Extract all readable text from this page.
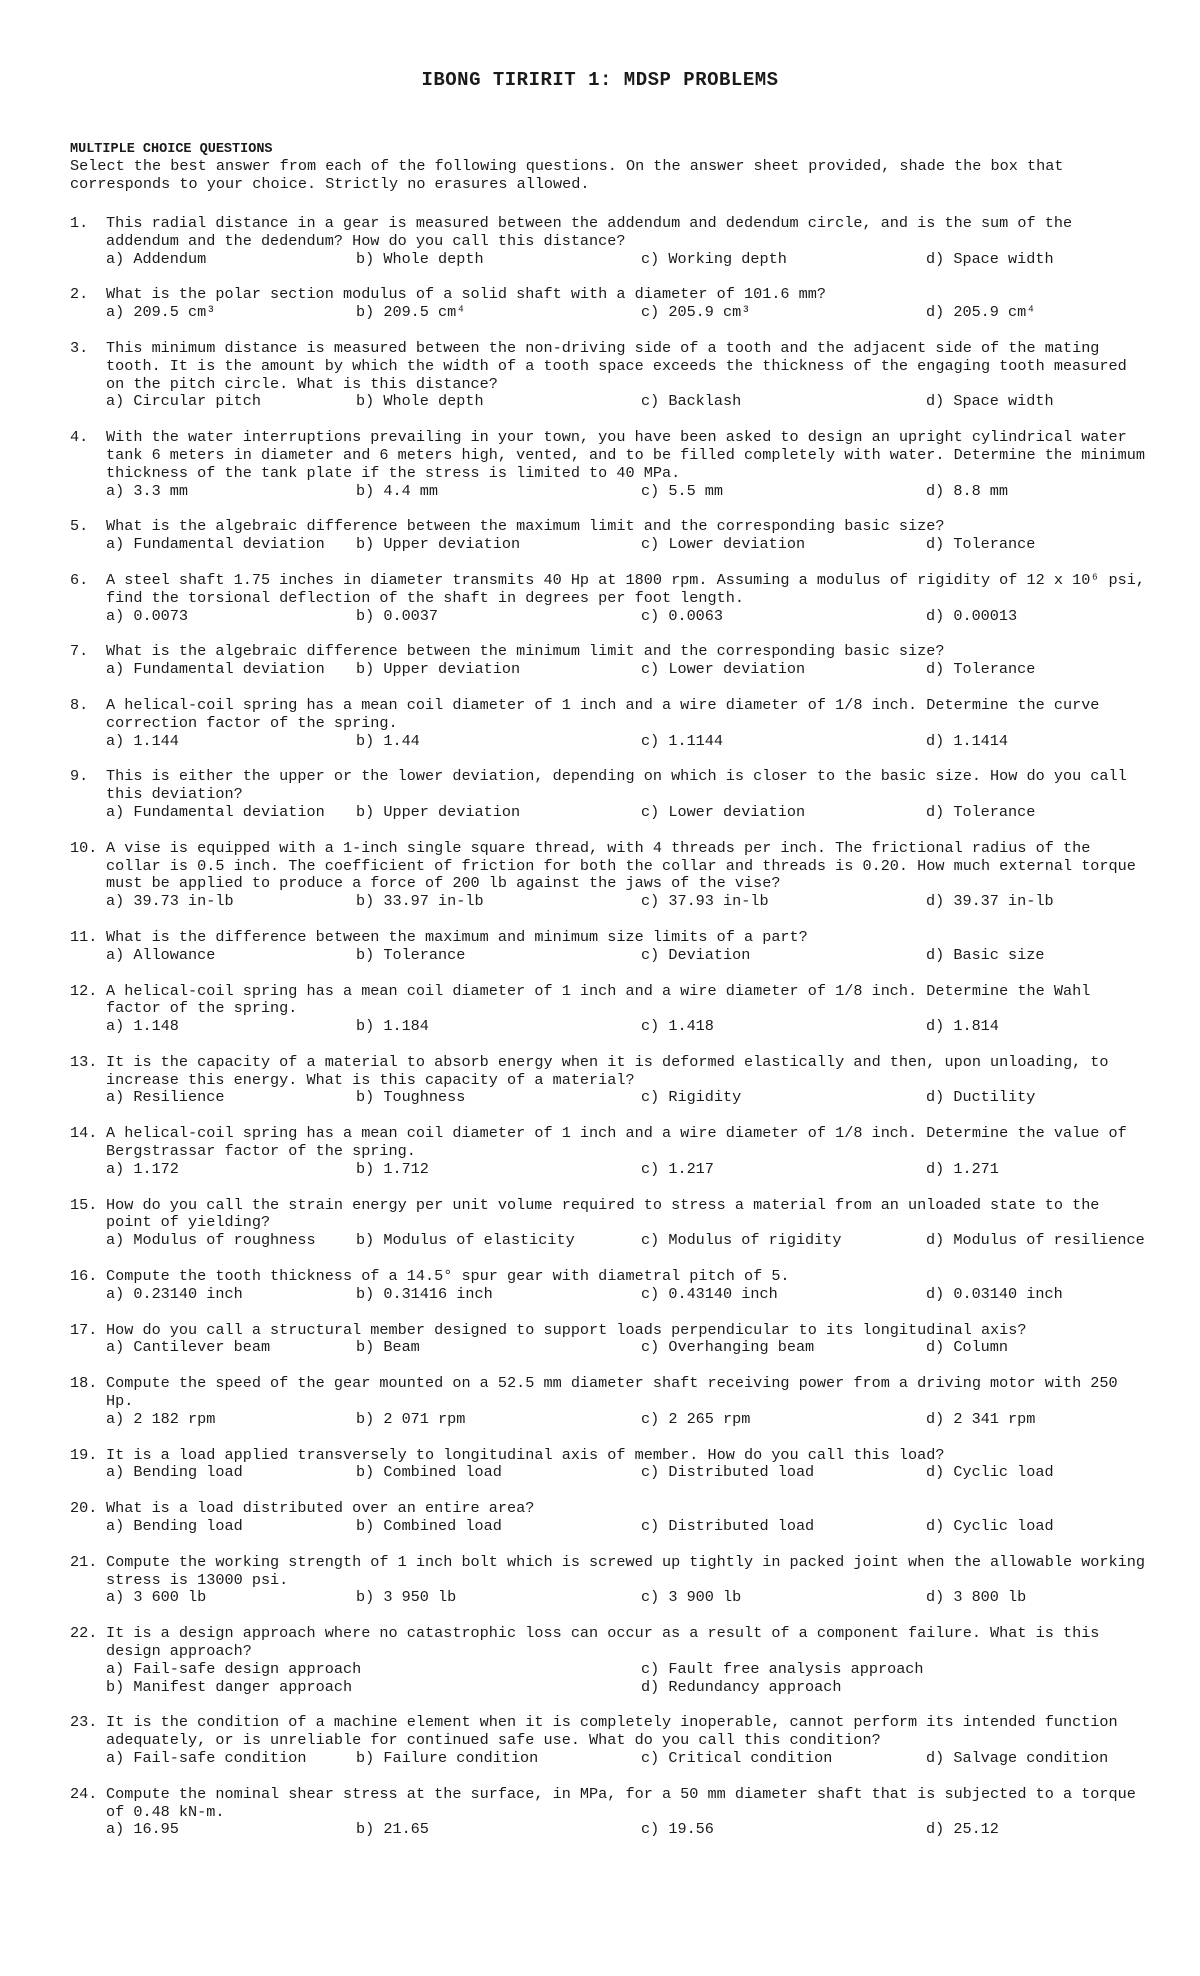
IBONG TIRIRIT 1: MDSP PROBLEMS
MULTIPLE CHOICE QUESTIONS
Select the best answer from each of the following questions. On the answer sheet provided, shade the box that corresponds to your choice. Strictly no erasures allowed.
1. This radial distance in a gear is measured between the addendum and dedendum circle, and is the sum of the addendum and the dedendum? How do you call this distance?
a) Addendum	b) Whole depth	c) Working depth	d) Space width
2. What is the polar section modulus of a solid shaft with a diameter of 101.6 mm?
a) 209.5 cm³	b) 209.5 cm⁴	c) 205.9 cm³	d) 205.9 cm⁴
3. This minimum distance is measured between the non-driving side of a tooth and the adjacent side of the mating tooth. It is the amount by which the width of a tooth space exceeds the thickness of the engaging tooth measured on the pitch circle. What is this distance?
a) Circular pitch	b) Whole depth	c) Backlash	d) Space width
4. With the water interruptions prevailing in your town, you have been asked to design an upright cylindrical water tank 6 meters in diameter and 6 meters high, vented, and to be filled completely with water. Determine the minimum thickness of the tank plate if the stress is limited to 40 MPa.
a) 3.3 mm	b) 4.4 mm	c) 5.5 mm	d) 8.8 mm
5. What is the algebraic difference between the maximum limit and the corresponding basic size?
a) Fundamental deviation	b) Upper deviation	c) Lower deviation	d) Tolerance
6. A steel shaft 1.75 inches in diameter transmits 40 Hp at 1800 rpm. Assuming a modulus of rigidity of 12 x 10⁶ psi, find the torsional deflection of the shaft in degrees per foot length.
a) 0.0073	b) 0.0037	c) 0.0063	d) 0.00013
7. What is the algebraic difference between the minimum limit and the corresponding basic size?
a) Fundamental deviation	b) Upper deviation	c) Lower deviation	d) Tolerance
8. A helical-coil spring has a mean coil diameter of 1 inch and a wire diameter of 1/8 inch. Determine the curve correction factor of the spring.
a) 1.144	b) 1.44	c) 1.1144	d) 1.1414
9. This is either the upper or the lower deviation, depending on which is closer to the basic size. How do you call this deviation?
a) Fundamental deviation	b) Upper deviation	c) Lower deviation	d) Tolerance
10. A vise is equipped with a 1-inch single square thread, with 4 threads per inch. The frictional radius of the collar is 0.5 inch. The coefficient of friction for both the collar and threads is 0.20. How much external torque must be applied to produce a force of 200 lb against the jaws of the vise?
a) 39.73 in-lb	b) 33.97 in-lb	c) 37.93 in-lb	d) 39.37 in-lb
11. What is the difference between the maximum and minimum size limits of a part?
a) Allowance	b) Tolerance	c) Deviation	d) Basic size
12. A helical-coil spring has a mean coil diameter of 1 inch and a wire diameter of 1/8 inch. Determine the Wahl factor of the spring.
a) 1.148	b) 1.184	c) 1.418	d) 1.814
13. It is the capacity of a material to absorb energy when it is deformed elastically and then, upon unloading, to increase this energy. What is this capacity of a material?
a) Resilience	b) Toughness	c) Rigidity	d) Ductility
14. A helical-coil spring has a mean coil diameter of 1 inch and a wire diameter of 1/8 inch. Determine the value of Bergstrassar factor of the spring.
a) 1.172	b) 1.712	c) 1.217	d) 1.271
15. How do you call the strain energy per unit volume required to stress a material from an unloaded state to the point of yielding?
a) Modulus of roughness	b) Modulus of elasticity	c) Modulus of rigidity	d) Modulus of resilience
16. Compute the tooth thickness of a 14.5° spur gear with diametral pitch of 5.
a) 0.23140 inch	b) 0.31416 inch	c) 0.43140 inch	d) 0.03140 inch
17. How do you call a structural member designed to support loads perpendicular to its longitudinal axis?
a) Cantilever beam	b) Beam	c) Overhanging beam	d) Column
18. Compute the speed of the gear mounted on a 52.5 mm diameter shaft receiving power from a driving motor with 250 Hp.
a) 2 182 rpm	b) 2 071 rpm	c) 2 265 rpm	d) 2 341 rpm
19. It is a load applied transversely to longitudinal axis of member. How do you call this load?
a) Bending load	b) Combined load	c) Distributed load	d) Cyclic load
20. What is a load distributed over an entire area?
a) Bending load	b) Combined load	c) Distributed load	d) Cyclic load
21. Compute the working strength of 1 inch bolt which is screwed up tightly in packed joint when the allowable working stress is 13000 psi.
a) 3 600 lb	b) 3 950 lb	c) 3 900 lb	d) 3 800 lb
22. It is a design approach where no catastrophic loss can occur as a result of a component failure. What is this design approach?
a) Fail-safe design approach	c) Fault free analysis approach
b) Manifest danger approach	d) Redundancy approach
23. It is the condition of a machine element when it is completely inoperable, cannot perform its intended function adequately, or is unreliable for continued safe use. What do you call this condition?
a) Fail-safe condition	b) Failure condition	c) Critical condition	d) Salvage condition
24. Compute the nominal shear stress at the surface, in MPa, for a 50 mm diameter shaft that is subjected to a torque of 0.48 kN-m.
a) 16.95	b) 21.65	c) 19.56	d) 25.12
